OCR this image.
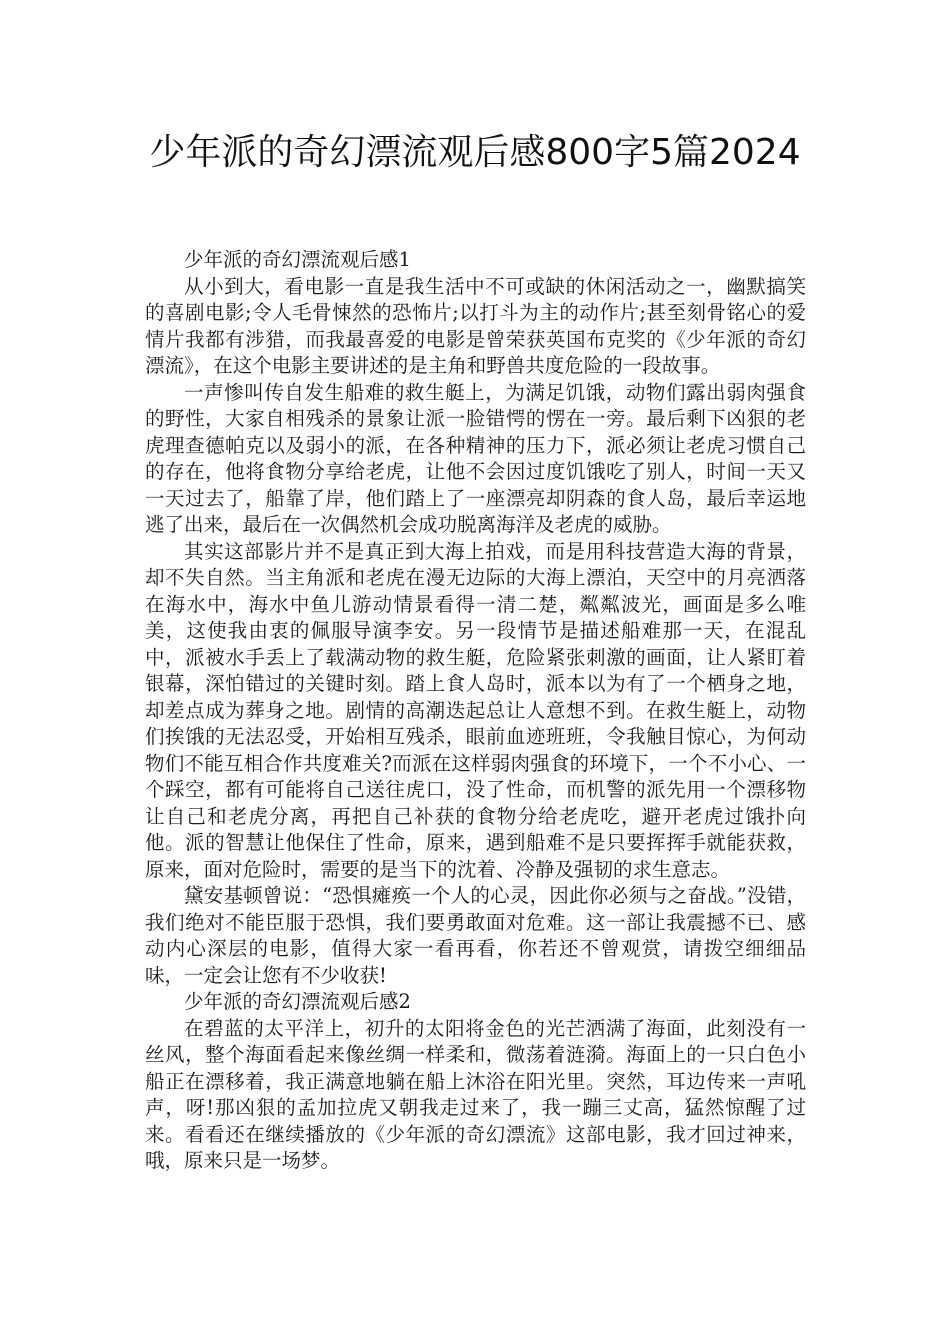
少年派的奇幻漂流观后感800字5篇2024

少年派的奇幻漂流观后感1

从小到大，看电影一直是我生活中不可或缺的休闲活动之一，幽默搞笑的喜剧电影;令人毛骨悚然的恐怖片;以打斗为主的动作片;甚至刻骨铭心的爱情片我都有涉猎，而我最喜爱的电影是曾荣获英国布克奖的《少年派的奇幻漂流》，在这个电影主要讲述的是主角和野兽共度危险的一段故事。

一声惨叫传自发生船难的救生艇上，为满足饥饿，动物们露出弱肉强食的野性，大家自相残杀的景象让派一脸错愕的愣在一旁。最后剩下凶狠的老虎理查德帕克以及弱小的派，在各种精神的压力下，派必须让老虎习惯自己的存在，他将食物分享给老虎，让他不会因过度饥饿吃了别人，时间一天又一天过去了，船靠了岸，他们踏上了一座漂亮却阴森的食人岛，最后幸运地逃了出来，最后在一次偶然机会成功脱离海洋及老虎的威胁。

其实这部影片并不是真正到大海上拍戏，而是用科技营造大海的背景，却不失自然。当主角派和老虎在漫无边际的大海上漂泊，天空中的月亮洒落在海水中，海水中鱼儿游动情景看得一清二楚，粼粼波光，画面是多么唯美，这使我由衷的佩服导演李安。另一段情节是描述船难那一天，在混乱中，派被水手丢上了载满动物的救生艇，危险紧张刺激的画面，让人紧盯着银幕，深怕错过的关键时刻。踏上食人岛时，派本以为有了一个栖身之地，却差点成为葬身之地。剧情的高潮迭起总让人意想不到。在救生艇上，动物们挨饿的无法忍受，开始相互残杀，眼前血迹班班，令我触目惊心，为何动物们不能互相合作共度难关?而派在这样弱肉强食的环境下，一个不小心、一个踩空，都有可能将自己送往虎口，没了性命，而机警的派先用一个漂移物让自己和老虎分离，再把自己补获的食物分给老虎吃，避开老虎过饿扑向他。派的智慧让他保住了性命，原来，遇到船难不是只要挥挥手就能获救，原来，面对危险时，需要的是当下的沈着、冷静及强韧的求生意志。

黛安基顿曾说：“恐惧瘫痪一个人的心灵，因此你必须与之奋战。”没错，我们绝对不能臣服于恐惧，我们要勇敢面对危难。这一部让我震撼不已、感动内心深层的电影，值得大家一看再看，你若还不曾观赏，请拨空细细品味，一定会让您有不少收获!

少年派的奇幻漂流观后感2

在碧蓝的太平洋上，初升的太阳将金色的光芒洒满了海面，此刻没有一丝风，整个海面看起来像丝绸一样柔和，微荡着涟漪。海面上的一只白色小船正在漂移着，我正满意地躺在船上沐浴在阳光里。突然，耳边传来一声吼声，呀!那凶狠的孟加拉虎又朝我走过来了，我一蹦三丈高，猛然惊醒了过来。看看还在继续播放的《少年派的奇幻漂流》这部电影，我才回过神来，哦，原来只是一场梦。
